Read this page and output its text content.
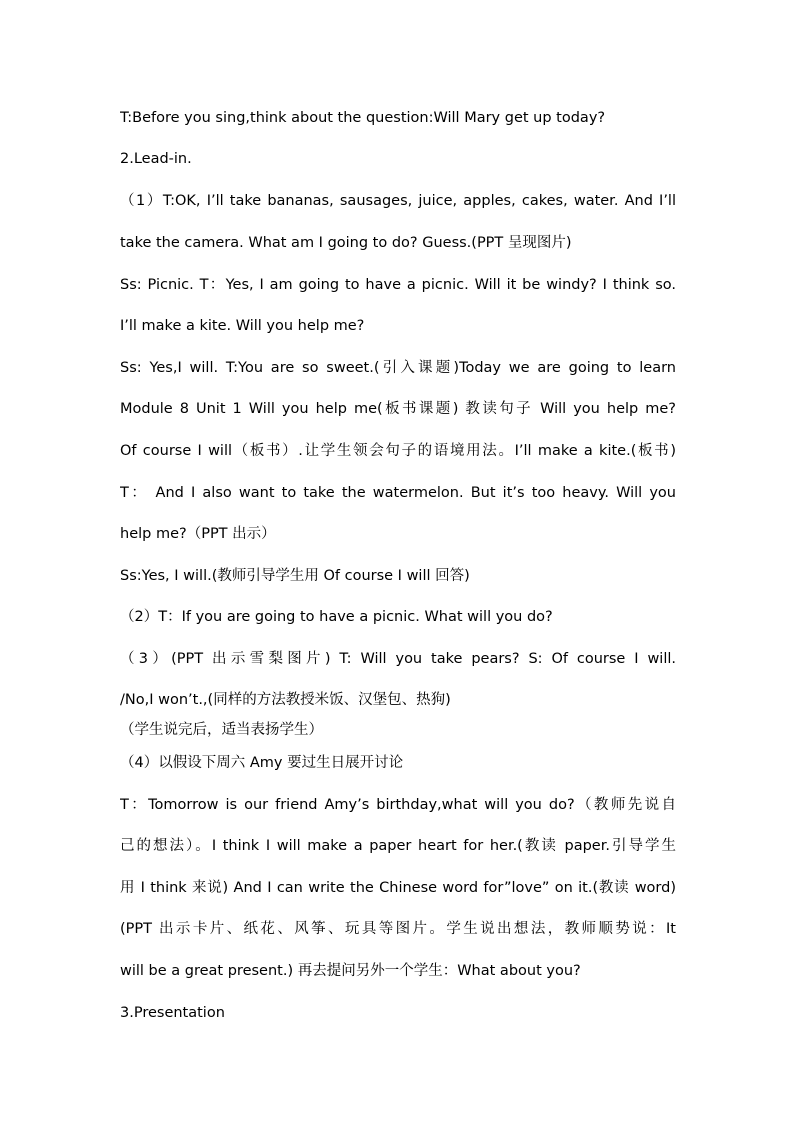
T:Before you sing,think about the question:Will Mary get up today?
2.Lead-in.
（1）T:OK, I’ll take bananas, sausages, juice, apples, cakes, water. And I’ll
take the camera. What am I going to do? Guess.(PPT 呈现图片)
Ss: Picnic. T：Yes, I am going to have a picnic. Will it be windy? I think so.
I’ll make a kite. Will you help me?
Ss: Yes,I will. T:You are so sweet.(引入课题)Today we are going to learn
Module 8 Unit 1 Will you help me(板书课题) 教读句子 Will you help me?
Of course I will（板书）.让学生领会句子的语境用法。I’ll make a kite.(板书)
T： And I also want to take the watermelon. But it’s too heavy. Will you
help me?（PPT 出示）
Ss:Yes, I will.(教师引导学生用 Of course I will 回答)
（2）T：If you are going to have a picnic. What will you do?
（3）(PPT 出示雪梨图片) T: Will you take pears? S: Of course I will.
/No,I won’t.,(同样的方法教授米饭、汉堡包、热狗)
（学生说完后，适当表扬学生）
（4）以假设下周六 Amy 要过生日展开讨论
T：Tomorrow is our friend Amy’s birthday,what will you do?（教师先说自
己的想法）。I think I will make a paper heart for her.(教读 paper.引导学生
用 I think 来说) And I can write the Chinese word for”love” on it.(教读 word)
(PPT 出示卡片、纸花、风筝、玩具等图片。学生说出想法，教师顺势说：It
will be a great present.) 再去提问另外一个学生：What about you?
3.Presentation
